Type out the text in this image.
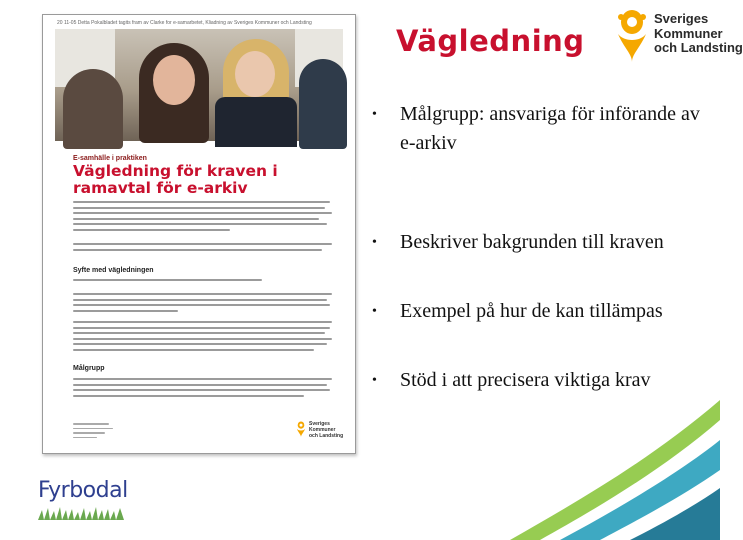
Vägledning
Sveriges
Kommuner
och Landsting
20 11-05 Detta Pokalbladet tagits fram av Clarke for e-samarbetet, Kliadning av Sveriges Kommuner och Landsting
E-samhälle i praktiken
Vägledning för kraven i ramavtal för e-arkiv
Syfte med vägledningen
Målgrupp
Sveriges
Kommuner
och Landsting
• Målgrupp: ansvariga för införande av e-arkiv
• Beskriver bakgrunden till kraven
• Exempel på hur de kan tillämpas
• Stöd i att precisera viktiga krav
Fyrbodal
